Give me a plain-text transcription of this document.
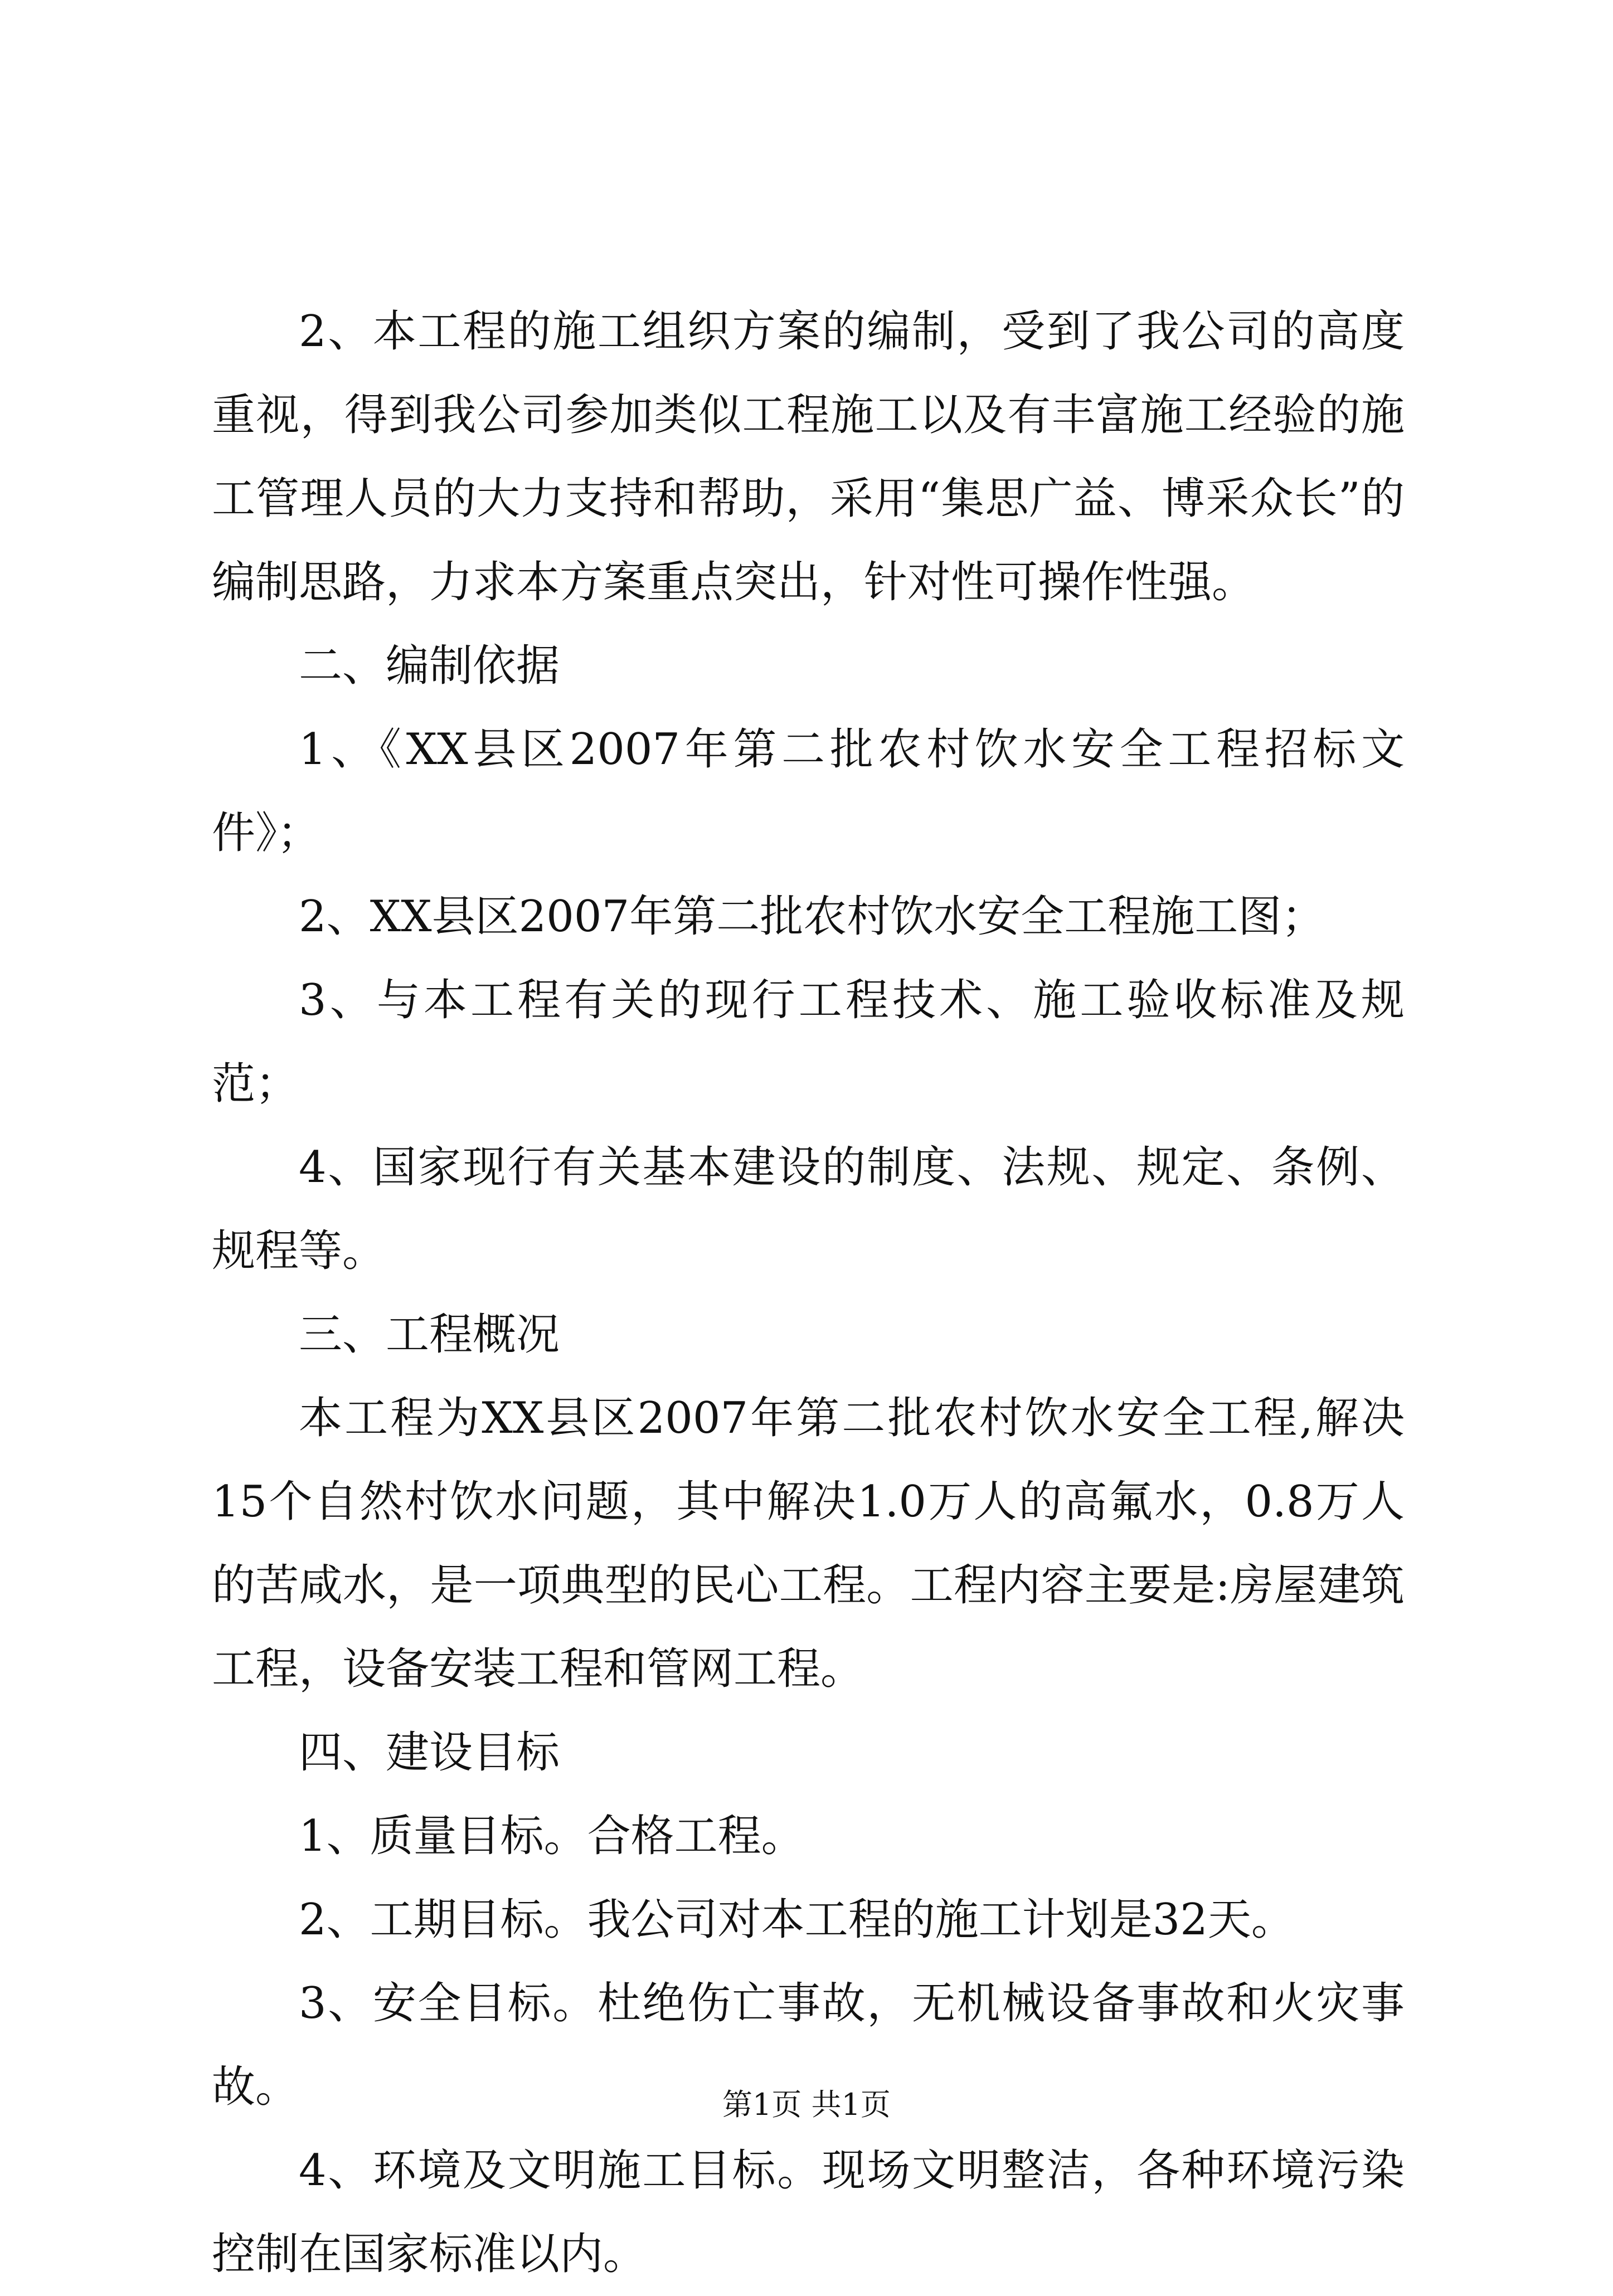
2、本工程的施工组织方案的编制，受到了我公司的高度重视，得到我公司参加类似工程施工以及有丰富施工经验的施工管理人员的大力支持和帮助，采用“集思广益、博采众长”的编制思路，力求本方案重点突出，针对性可操作性强。

二、编制依据

1、《XX县区2007年第二批农村饮水安全工程招标文件》；

2、XX县区2007年第二批农村饮水安全工程施工图；

3、与本工程有关的现行工程技术、施工验收标准及规范；

4、国家现行有关基本建设的制度、法规、规定、条例、规程等。

三、工程概况

本工程为XX县区2007年第二批农村饮水安全工程,解决15个自然村饮水问题，其中解决1.0万人的高氟水，0.8万人的苦咸水，是一项典型的民心工程。工程内容主要是:房屋建筑工程，设备安装工程和管网工程。

四、建设目标

1、质量目标。合格工程。

2、工期目标。我公司对本工程的施工计划是32天。

3、安全目标。杜绝伤亡事故，无机械设备事故和火灾事故。

4、环境及文明施工目标。现场文明整洁，各种环境污染控制在国家标准以内。

第1页 共1页
